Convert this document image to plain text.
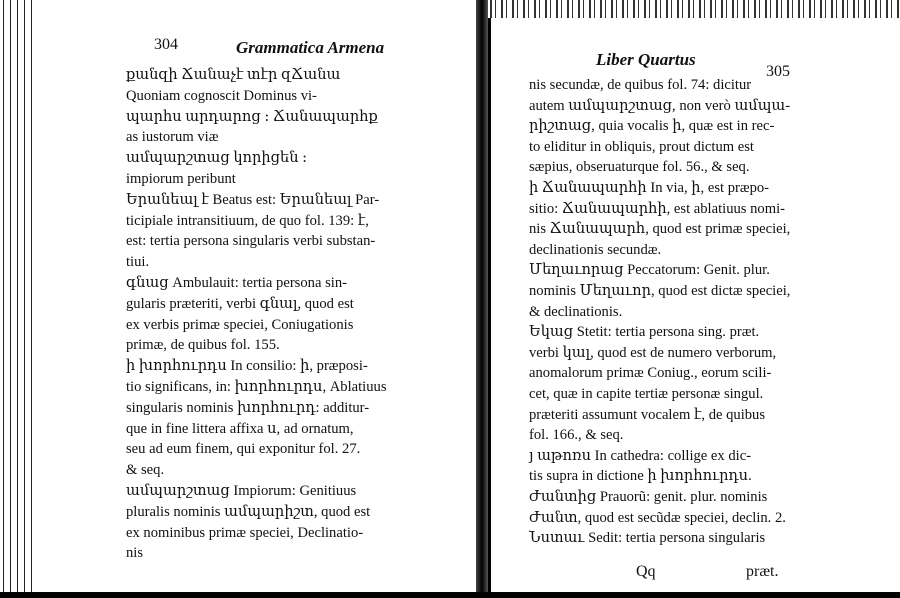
304	Grammatica Armena
քանզի Ճանաչէ տէր զՃանա
Quoniam cognoscit Dominus vi-
պարհս արդարոց ։ Ճանապարհք
as iustorum viæ
ամպարշտաց կորիցեն ։
impiorum peribunt
Երանեալ է Beatus est: Երանեալ Par-
ticipiale intransitiuum, de quo fol. 139: է,
est: tertia persona singularis verbi substan-
tiui.
գնաց Ambulauit: tertia persona sin-
gularis præteriti, verbi գնալ, quod est
ex verbis primæ speciei, Coniugationis
primæ, de quibus fol. 155.
ի խորհուրդս In consilio: ի, præposi-
tio significans, in: խորհուրդս, Ablatiuus
singularis nominis խորհուրդ: additur-
que in fine littera affixa ս, ad ornatum,
seu ad eum finem, qui exponitur fol. 27.
& seq.
ամպարշտաց Impiorum: Genitiuus
pluralis nominis ամպարիշտ, quod est
ex nominibus primæ speciei, Declinatio-
nis
Liber Quartus
305
nis secundæ, de quibus fol. 74: dicitur
autem ամպարշտաց, non verò ամպա-
րիշտաց, quia vocalis ի, quæ est in rec-
to eliditur in obliquis, prout dictum est
sæpius, obseruaturque fol. 56., & seq.
ի Ճանապարհի In via, ի, est præpo-
sitio: Ճանապարհի, est ablatiuus nomi-
nis Ճանապարհ, quod est primæ speciei,
declinationis secundæ.
Մեղաւորաց Peccatorum: Genit. plur.
nominis Մեղաւոր, quod est dictæ speciei,
& declinationis.
Եկաց Stetit: tertia persona sing. præt.
verbi կալ, quod est de numero verborum,
anomalorum primæ Coniug., eorum scili-
cet, quæ in capite tertiæ personæ singul.
præteriti assumunt vocalem է, de quibus
fol. 166., & seq.
յ աթոռս In cathedra: collige ex dic-
tis supra in dictione ի խորհուրդս.
Ժանտից Prauorũ: genit. plur. nominis
Ժանտ, quod est secũdæ speciei, declin. 2.
Նստաւ Sedit: tertia persona singularis
Qq	præt.
